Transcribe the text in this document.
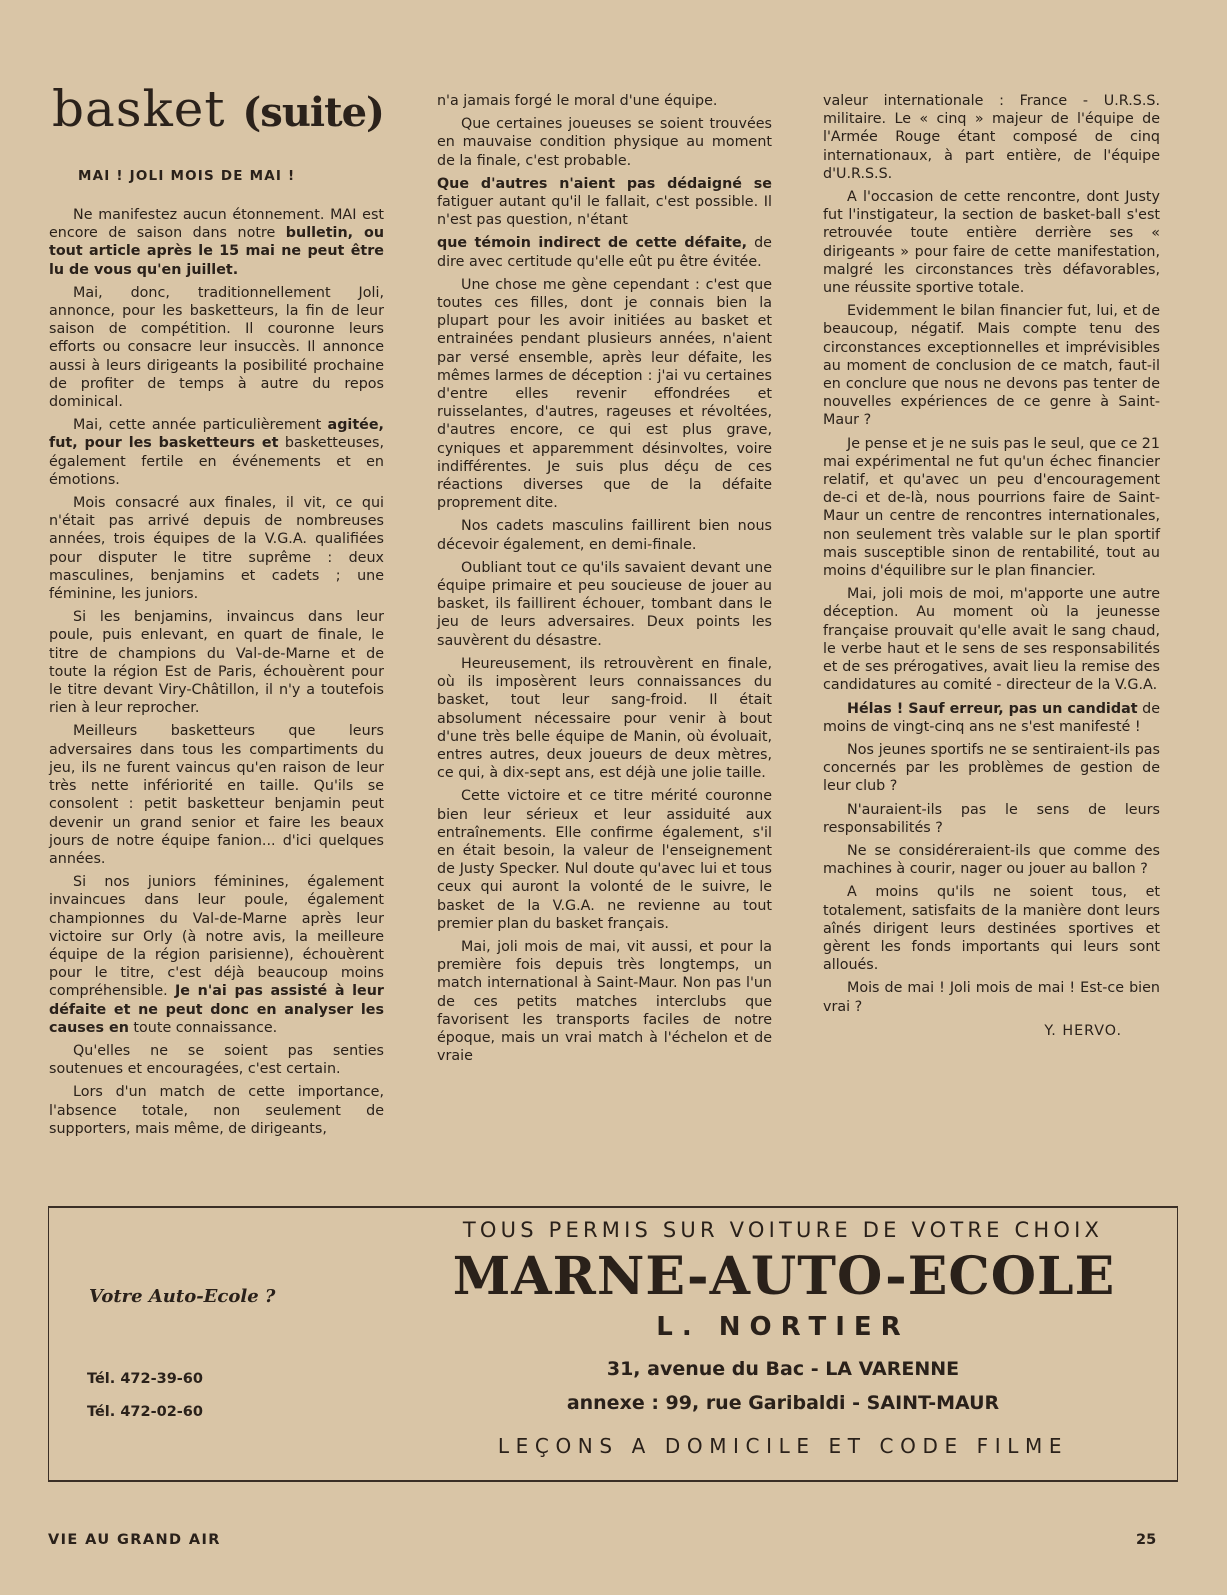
basket (suite)
MAI ! JOLI MOIS DE MAI !

Ne manifestez aucun étonnement. MAI est encore de saison dans notre bulletin, ou tout article après le 15 mai ne peut être lu de vous qu'en juillet.

Mai, donc, traditionnellement Joli, annonce, pour les basketteurs, la fin de leur saison de compétition. Il couronne leurs efforts ou consacre leur insuccès. Il annonce aussi à leurs dirigeants la posibilité prochaine de profiter de temps à autre du repos dominical.

Mai, cette année particulièrement agitée, fut, pour les basketteurs et basketteuses, également fertile en événements et en émotions.

Mois consacré aux finales, il vit, ce qui n'était pas arrivé depuis de nombreuses années, trois équipes de la V.G.A. qualifiées pour disputer le titre suprême : deux masculines, benjamins et cadets ; une féminine, les juniors.

Si les benjamins, invaincus dans leur poule, puis enlevant, en quart de finale, le titre de champions du Val-de-Marne et de toute la région Est de Paris, échouèrent pour le titre devant Viry-Châtillon, il n'y a toutefois rien à leur reprocher.

Meilleurs basketteurs que leurs adversaires dans tous les compartiments du jeu, ils ne furent vaincus qu'en raison de leur très nette infériorité en taille. Qu'ils se consolent : petit basketteur benjamin peut devenir un grand senior et faire les beaux jours de notre équipe fanion... d'ici quelques années.

Si nos juniors féminines, également invaincues dans leur poule, également championnes du Val-de-Marne après leur victoire sur Orly (à notre avis, la meilleure équipe de la région parisienne), échouèrent pour le titre, c'est déjà beaucoup moins compréhensible. Je n'ai pas assisté à leur défaite et ne peut donc en analyser les causes en toute connaissance.

Qu'elles ne se soient pas senties soutenues et encouragées, c'est certain.

Lors d'un match de cette importance, l'absence totale, non seulement de supporters, mais même, de dirigeants,

n'a jamais forgé le moral d'une équipe.

Que certaines joueuses se soient trouvées en mauvaise condition physique au moment de la finale, c'est probable.

Que d'autres n'aient pas dédaigné se fatiguer autant qu'il le fallait, c'est possible. Il n'est pas question, n'étant

que témoin indirect de cette défaite, de dire avec certitude qu'elle eût pu être évitée.

Une chose me gène cependant : c'est que toutes ces filles, dont je connais bien la plupart pour les avoir initiées au basket et entrainées pendant plusieurs années, n'aient par versé ensemble, après leur défaite, les mêmes larmes de déception : j'ai vu certaines d'entre elles revenir effondrées et ruisselantes, d'autres, rageuses et révoltées, d'autres encore, ce qui est plus grave, cyniques et apparemment désinvoltes, voire indifférentes. Je suis plus déçu de ces réactions diverses que de la défaite proprement dite.

Nos cadets masculins faillirent bien nous décevoir également, en demi-finale.

Oubliant tout ce qu'ils savaient devant une équipe primaire et peu soucieuse de jouer au basket, ils faillirent échouer, tombant dans le jeu de leurs adversaires. Deux points les sauvèrent du désastre.

Heureusement, ils retrouvèrent en finale, où ils imposèrent leurs connaissances du basket, tout leur sang-froid. Il était absolument nécessaire pour venir à bout d'une très belle équipe de Manin, où évoluait, entres autres, deux joueurs de deux mètres, ce qui, à dix-sept ans, est déjà une jolie taille.

Cette victoire et ce titre mérité couronne bien leur sérieux et leur assiduité aux entraînements. Elle confirme également, s'il en était besoin, la valeur de l'enseignement de Justy Specker. Nul doute qu'avec lui et tous ceux qui auront la volonté de le suivre, le basket de la V.G.A. ne revienne au tout premier plan du basket français.

Mai, joli mois de mai, vit aussi, et pour la première fois depuis très longtemps, un match international à Saint-Maur. Non pas l'un de ces petits matches interclubs que favorisent les transports faciles de notre époque, mais un vrai match à l'échelon et de vraie

valeur internationale : France - U.R.S.S. militaire. Le « cinq » majeur de l'équipe de l'Armée Rouge étant composé de cinq internationaux, à part entière, de l'équipe d'U.R.S.S.

A l'occasion de cette rencontre, dont Justy fut l'instigateur, la section de basket-ball s'est retrouvée toute entière derrière ses « dirigeants » pour faire de cette manifestation, malgré les circonstances très défavorables, une réussite sportive totale.

Evidemment le bilan financier fut, lui, et de beaucoup, négatif. Mais compte tenu des circonstances exceptionnelles et imprévisibles au moment de conclusion de ce match, faut-il en conclure que nous ne devons pas tenter de nouvelles expériences de ce genre à Saint-Maur ?

Je pense et je ne suis pas le seul, que ce 21 mai expérimental ne fut qu'un échec financier relatif, et qu'avec un peu d'encouragement de-ci et de-là, nous pourrions faire de Saint-Maur un centre de rencontres internationales, non seulement très valable sur le plan sportif mais susceptible sinon de rentabilité, tout au moins d'équilibre sur le plan financier.

Mai, joli mois de moi, m'apporte une autre déception. Au moment où la jeunesse française prouvait qu'elle avait le sang chaud, le verbe haut et le sens de ses responsabilités et de ses prérogatives, avait lieu la remise des candidatures au comité - directeur de la V.G.A.

Hélas ! Sauf erreur, pas un candidat de moins de vingt-cinq ans ne s'est manifesté !

Nos jeunes sportifs ne se sentiraient-ils pas concernés par les problèmes de gestion de leur club ?

N'auraient-ils pas le sens de leurs responsabilités ?

Ne se considéreraient-ils que comme des machines à courir, nager ou jouer au ballon ?

A moins qu'ils ne soient tous, et totalement, satisfaits de la manière dont leurs aînés dirigent leurs destinées sportives et gèrent les fonds importants qui leurs sont alloués.

Mois de mai ! Joli mois de mai ! Est-ce bien vrai ?

Y. HERVO.
Votre Auto-Ecole ?
Tél. 472-39-60
Tél. 472-02-60
TOUS PERMIS SUR VOITURE DE VOTRE CHOIX
MARNE-AUTO-ECOLE
L. NORTIER
31, avenue du Bac - LA VARENNE
annexe : 99, rue Garibaldi - SAINT-MAUR
LEÇONS A DOMICILE ET CODE FILME
VIE AU GRAND AIR	25
